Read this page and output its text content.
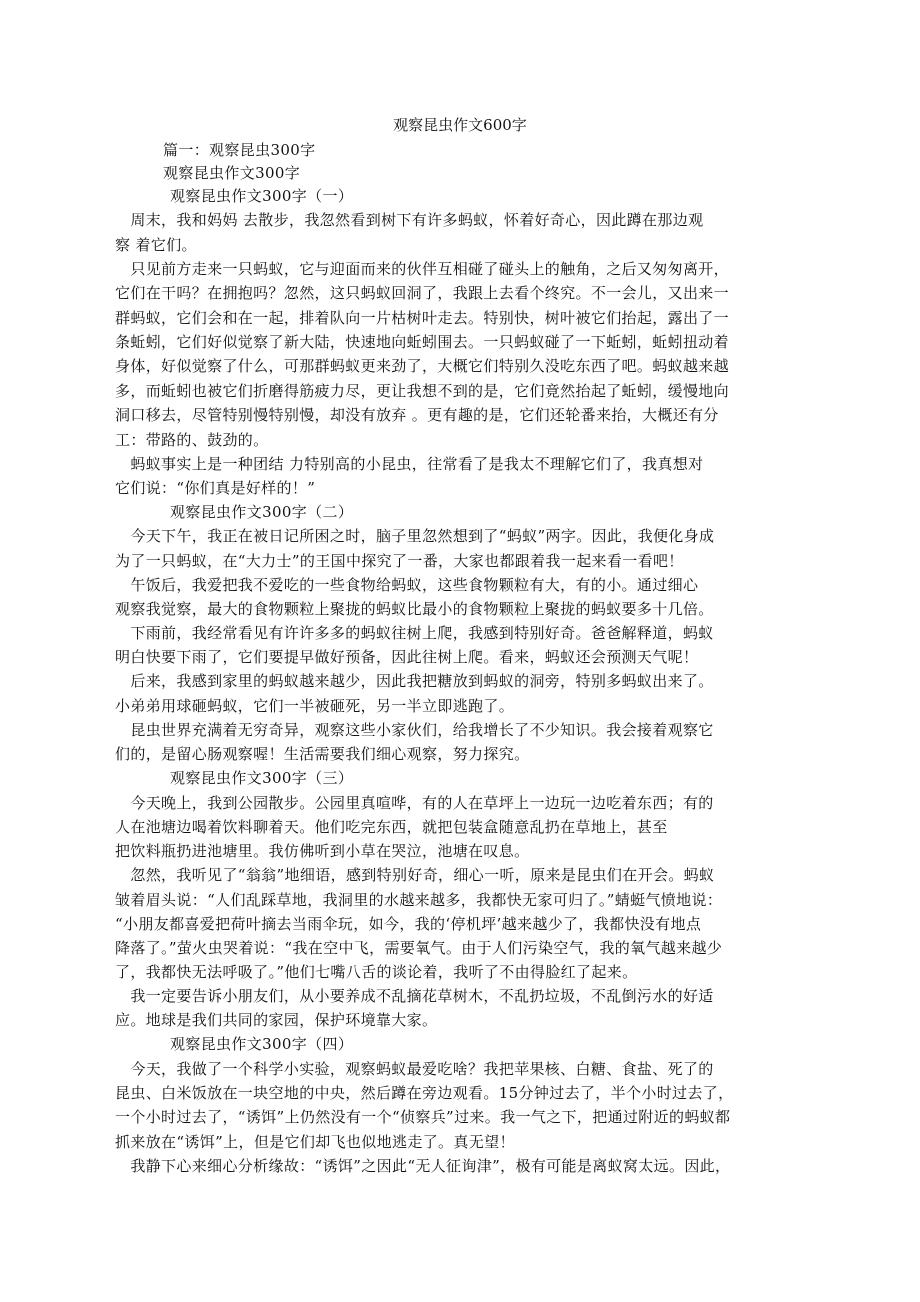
观察昆虫作文600字
篇一：观察昆虫300字
观察昆虫作文300字
观察昆虫作文300字（一）
　周末，我和妈妈 去散步，我忽然看到树下有许多蚂蚁，怀着好奇心，因此蹲在那边观
察 着它们。
　只见前方走来一只蚂蚁，它与迎面而来的伙伴互相碰了碰头上的触角，之后又匆匆离开，
它们在干吗？在拥抱吗？忽然，这只蚂蚁回洞了，我跟上去看个终究。不一会儿，又出来一
群蚂蚁，它们会和在一起，排着队向一片枯树叶走去。特别快，树叶被它们抬起，露出了一
条蚯蚓，它们好似觉察了新大陆，快速地向蚯蚓围去。一只蚂蚁碰了一下蚯蚓，蚯蚓扭动着
身体，好似觉察了什么，可那群蚂蚁更来劲了，大概它们特别久没吃东西了吧。蚂蚁越来越
多，而蚯蚓也被它们折磨得筋疲力尽，更让我想不到的是，它们竟然抬起了蚯蚓，缓慢地向
洞口移去，尽管特别慢特别慢，却没有放弃 。更有趣的是，它们还轮番来抬，大概还有分
工：带路的、鼓劲的。
　蚂蚁事实上是一种团结 力特别高的小昆虫，往常看了是我太不理解它们了，我真想对
它们说：“你们真是好样的！”
观察昆虫作文300字（二）
　今天下午，我正在被日记所困之时，脑子里忽然想到了“蚂蚁”两字。因此，我便化身成
为了一只蚂蚁，在“大力士”的王国中探究了一番，大家也都跟着我一起来看一看吧！
　午饭后，我爱把我不爱吃的一些食物给蚂蚁，这些食物颗粒有大，有的小。通过细心
观察我觉察，最大的食物颗粒上聚拢的蚂蚁比最小的食物颗粒上聚拢的蚂蚁要多十几倍。
　下雨前，我经常看见有许许多多的蚂蚁往树上爬，我感到特别好奇。爸爸解释道，蚂蚁
明白快要下雨了，它们要提早做好预备，因此往树上爬。看来，蚂蚁还会预测天气呢！
　后来，我感到家里的蚂蚁越来越少，因此我把糖放到蚂蚁的洞旁，特别多蚂蚁出来了。
小弟弟用球砸蚂蚁，它们一半被砸死，另一半立即逃跑了。
　昆虫世界充满着无穷奇异，观察这些小家伙们，给我增长了不少知识。我会接着观察它
们的，是留心肠观察喔！生活需要我们细心观察，努力探究。
观察昆虫作文300字（三）
　今天晚上，我到公园散步。公园里真喧哗，有的人在草坪上一边玩一边吃着东西；有的
人在池塘边喝着饮料聊着天。他们吃完东西，就把包装盒随意乱扔在草地上，甚至
把饮料瓶扔进池塘里。我仿佛听到小草在哭泣，池塘在叹息。
　忽然，我听见了“翁翁”地细语，感到特别好奇，细心一听，原来是昆虫们在开会。蚂蚁
皱着眉头说：“人们乱踩草地，我洞里的水越来越多，我都快无家可归了。”蜻蜓气愤地说：
“小朋友都喜爱把荷叶摘去当雨伞玩，如今，我的‘停机坪’越来越少了，我都快没有地点
降落了。”萤火虫哭着说：“我在空中飞，需要氧气。由于人们污染空气，我的氧气越来越少
了，我都快无法呼吸了。”他们七嘴八舌的谈论着，我听了不由得脸红了起来。
　我一定要告诉小朋友们，从小要养成不乱摘花草树木，不乱扔垃圾，不乱倒污水的好适
应。地球是我们共同的家园，保护环境靠大家。
观察昆虫作文300字（四）
　今天，我做了一个科学小实验，观察蚂蚁最爱吃啥？我把苹果核、白糖、食盐、死了的
昆虫、白米饭放在一块空地的中央，然后蹲在旁边观看。15分钟过去了，半个小时过去了，
一个小时过去了，“诱饵”上仍然没有一个“侦察兵”过来。我一气之下，把通过附近的蚂蚁都
抓来放在“诱饵”上，但是它们却飞也似地逃走了。真无望！
　我静下心来细心分析缘故：“诱饵”之因此“无人征询津”，极有可能是离蚁窝太远。因此，
